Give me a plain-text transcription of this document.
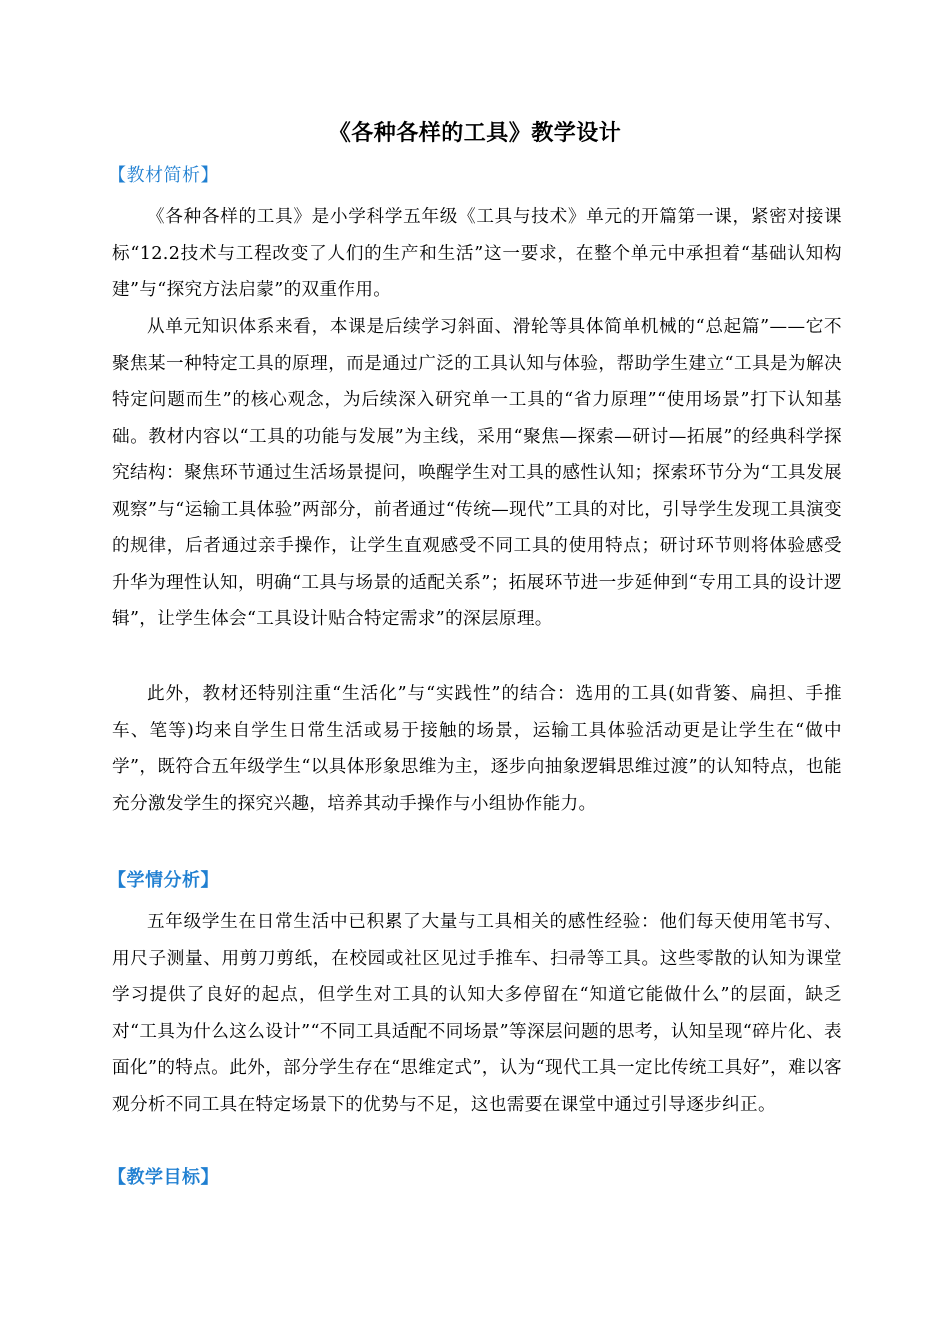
《各种各样的工具》教学设计
【教材简析】

《各种各样的工具》是小学科学五年级《工具与技术》单元的开篇第一课，紧密对接课标“12.2技术与工程改变了人们的生产和生活”这一要求，在整个单元中承担着“基础认知构建”与“探究方法启蒙”的双重作用。

从单元知识体系来看，本课是后续学习斜面、滑轮等具体简单机械的“总起篇”——它不聚焦某一种特定工具的原理，而是通过广泛的工具认知与体验，帮助学生建立“工具是为解决特定问题而生”的核心观念，为后续深入研究单一工具的“省力原理”“使用场景”打下认知基础。教材内容以“工具的功能与发展”为主线，采用“聚焦—探索—研讨—拓展”的经典科学探究结构：聚焦环节通过生活场景提问，唤醒学生对工具的感性认知；探索环节分为“工具发展观察”与“运输工具体验”两部分，前者通过“传统—现代”工具的对比，引导学生发现工具演变的规律，后者通过亲手操作，让学生直观感受不同工具的使用特点；研讨环节则将体验感受升华为理性认知，明确“工具与场景的适配关系”；拓展环节进一步延伸到“专用工具的设计逻辑”，让学生体会“工具设计贴合特定需求”的深层原理。

此外，教材还特别注重“生活化”与“实践性”的结合：选用的工具(如背篓、扁担、手推车、笔等)均来自学生日常生活或易于接触的场景，运输工具体验活动更是让学生在“做中学”，既符合五年级学生“以具体形象思维为主，逐步向抽象逻辑思维过渡”的认知特点，也能充分激发学生的探究兴趣，培养其动手操作与小组协作能力。

【学情分析】

五年级学生在日常生活中已积累了大量与工具相关的感性经验：他们每天使用笔书写、用尺子测量、用剪刀剪纸，在校园或社区见过手推车、扫帚等工具。这些零散的认知为课堂学习提供了良好的起点，但学生对工具的认知大多停留在“知道它能做什么”的层面，缺乏对“工具为什么这么设计”“不同工具适配不同场景”等深层问题的思考，认知呈现“碎片化、表面化”的特点。此外，部分学生存在“思维定式”，认为“现代工具一定比传统工具好”，难以客观分析不同工具在特定场景下的优势与不足，这也需要在课堂中通过引导逐步纠正。

【教学目标】
